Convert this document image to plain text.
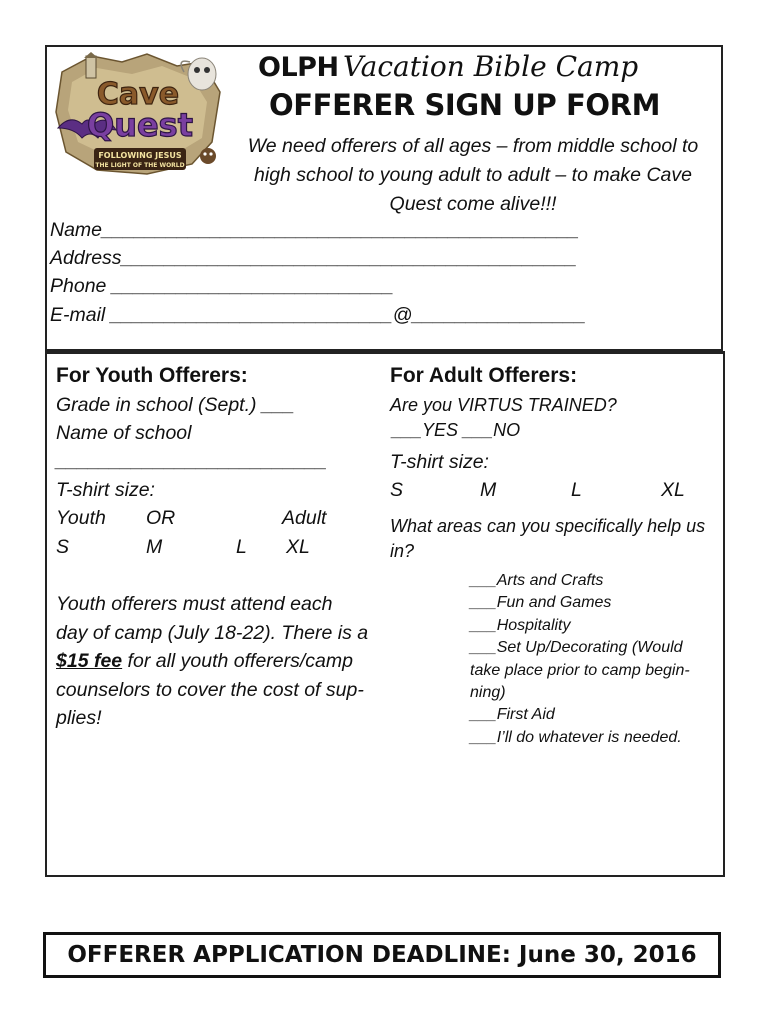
Cave
Quest
FOLLOWING JESUS
THE LIGHT OF THE WORLD
OLPH Vacation Bible Camp
OFFERER SIGN UP FORM
We need offerers of all ages – from middle school to high school to young adult to adult – to make Cave Quest come alive!!!
Name____________________________________________
Address__________________________________________
Phone __________________________
E-mail __________________________@________________
For Youth Offerers:
Grade in school (Sept.) ___
Name of school
_________________________
T-shirt size:
Youth OR	Adult
S	M	L XL
Youth offerers must attend each
day of camp (July 18-22). There is a
$15 fee for all youth offerers/camp
counselors to cover the cost of sup-
plies!
For Adult Offerers:
Are you VIRTUS TRAINED?
___YES ___NO
T-shirt size:
S	M	L	XL
What areas can you specifically help us
in?
___Arts and Crafts
___Fun and Games
___Hospitality
___Set Up/Decorating (Would
take place prior to camp begin-
ning)
___First Aid
___I’ll do whatever is needed.
OFFERER APPLICATION DEADLINE: June 30, 2016
